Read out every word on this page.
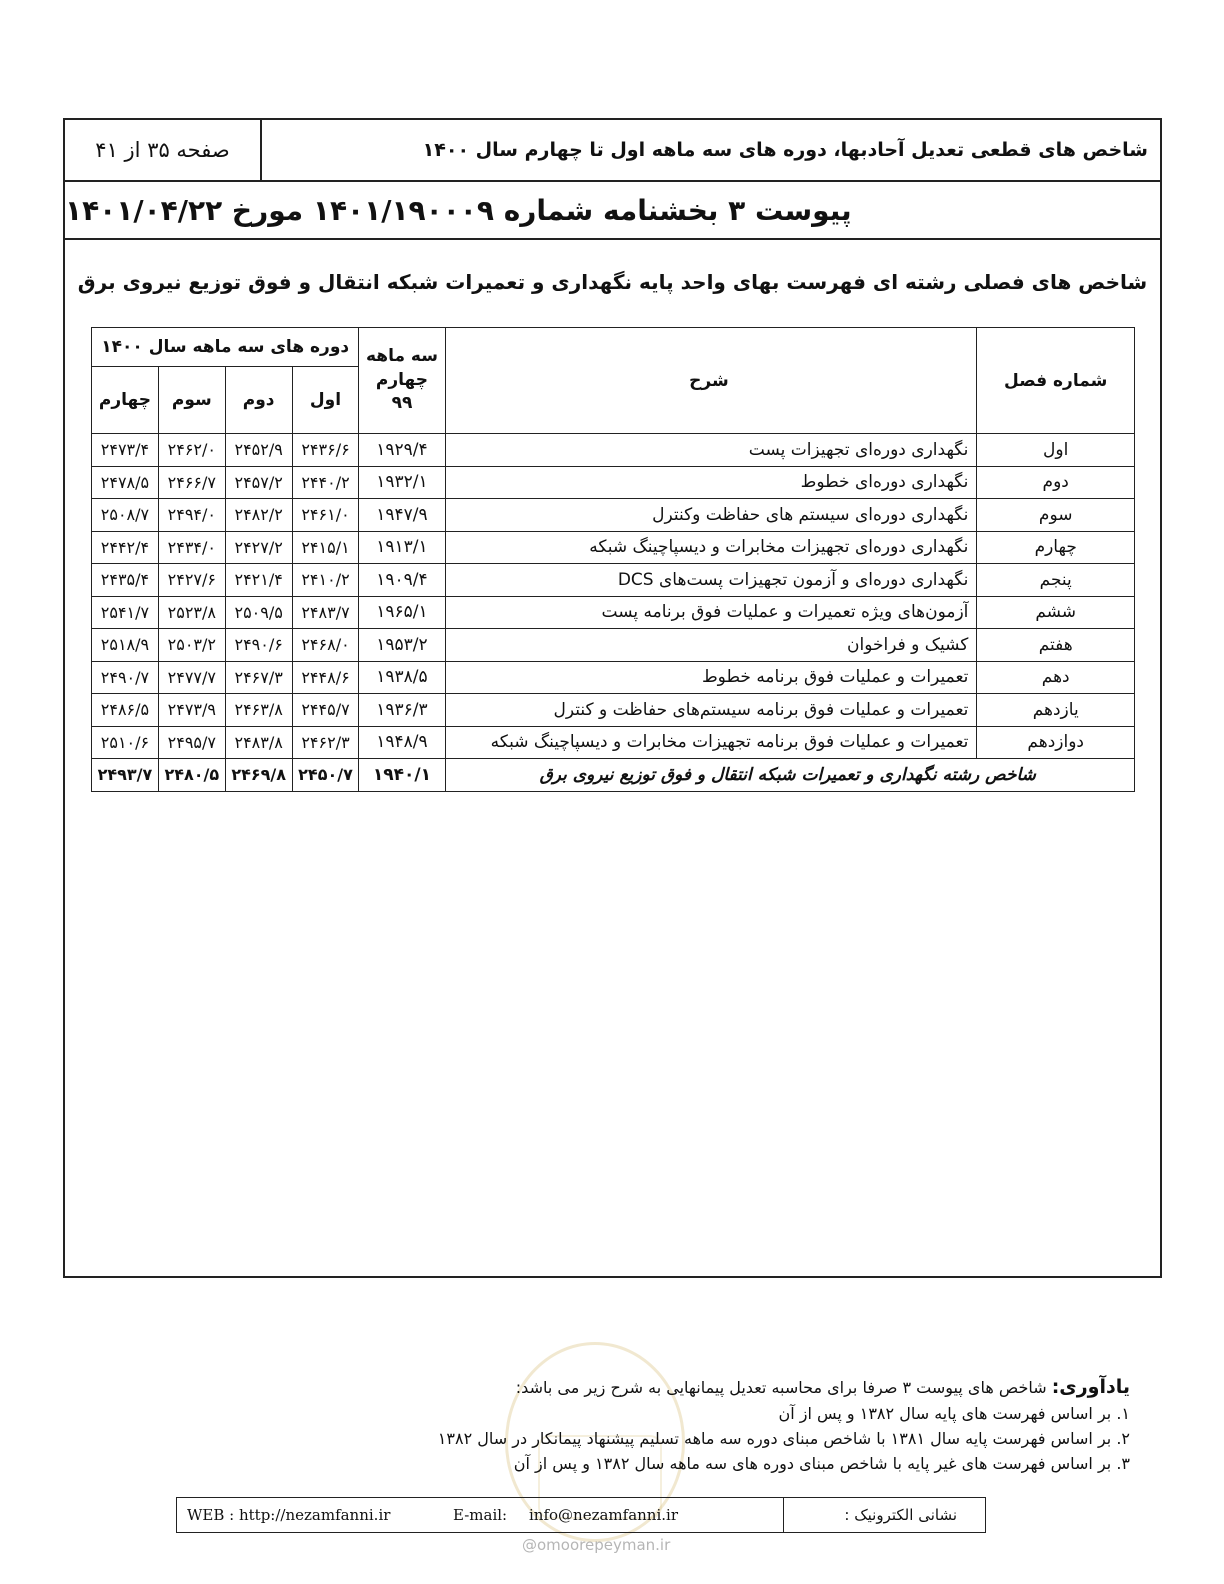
صفحه ۳۵ از ۴۱	شاخص های قطعی تعدیل آحادبها، دوره های سه ماهه اول تا چهارم سال ۱۴۰۰
پیوست ۳ بخشنامه شماره ۱۴۰۱/۱۹۰۰۰۹ مورخ ۱۴۰۱/۰۴/۲۲
شاخص های فصلی رشته ای فهرست بهای واحد پایه نگهداری و تعمیرات شبکه انتقال و فوق توزیع نیروی برق
شماره فصل	شرح	سه ماهه
چهارم ۹۹	دوره های سه ماهه سال ۱۴۰۰			
			اول	دوم	سوم	چهارم
اول	نگهداری دوره‌ای تجهیزات پست	۱۹۲۹/۴	۲۴۳۶/۶	۲۴۵۲/۹	۲۴۶۲/۰	۲۴۷۳/۴
دوم	نگهداری دوره‌ای خطوط	۱۹۳۲/۱	۲۴۴۰/۲	۲۴۵۷/۲	۲۴۶۶/۷	۲۴۷۸/۵
سوم	نگهداری دوره‌ای سیستم های حفاظت وکنترل	۱۹۴۷/۹	۲۴۶۱/۰	۲۴۸۲/۲	۲۴۹۴/۰	۲۵۰۸/۷
چهارم	نگهداری دوره‌ای تجهیزات مخابرات و دیسپاچینگ شبکه	۱۹۱۳/۱	۲۴۱۵/۱	۲۴۲۷/۲	۲۴۳۴/۰	۲۴۴۲/۴
پنجم	نگهداری دوره‌ای و آزمون تجهیزات پست‌های DCS	۱۹۰۹/۴	۲۴۱۰/۲	۲۴۲۱/۴	۲۴۲۷/۶	۲۴۳۵/۴
ششم	آزمون‌های ویژه تعمیرات و عملیات فوق برنامه پست	۱۹۶۵/۱	۲۴۸۳/۷	۲۵۰۹/۵	۲۵۲۳/۸	۲۵۴۱/۷
هفتم	کشیک و فراخوان	۱۹۵۳/۲	۲۴۶۸/۰	۲۴۹۰/۶	۲۵۰۳/۲	۲۵۱۸/۹
دهم	تعمیرات و عملیات فوق برنامه خطوط	۱۹۳۸/۵	۲۴۴۸/۶	۲۴۶۷/۳	۲۴۷۷/۷	۲۴۹۰/۷
یازدهم	تعمیرات و عملیات فوق برنامه سیستم‌های حفاظت و کنترل	۱۹۳۶/۳	۲۴۴۵/۷	۲۴۶۳/۸	۲۴۷۳/۹	۲۴۸۶/۵
دوازدهم	تعمیرات و عملیات فوق برنامه تجهیزات مخابرات و دیسپاچینگ شبکه	۱۹۴۸/۹	۲۴۶۲/۳	۲۴۸۳/۸	۲۴۹۵/۷	۲۵۱۰/۶
شاخص رشته نگهداری و تعمیرات شبکه انتقال و فوق توزیع نیروی برق		۱۹۴۰/۱	۲۴۵۰/۷	۲۴۶۹/۸	۲۴۸۰/۵	۲۴۹۳/۷
یادآوری: شاخص های پیوست ۳ صرفا برای محاسبه تعدیل پیمانهایی به شرح زیر می باشد:
۱. بر اساس فهرست های پایه سال ۱۳۸۲ و پس از آن
۲. بر اساس فهرست پایه سال ۱۳۸۱ با شاخص مبنای دوره سه ماهه تسلیم پیشنهاد پیمانکار در سال ۱۳۸۲
۳. بر اساس فهرست های غیر پایه با شاخص مبنای دوره های سه ماهه سال ۱۳۸۲ و پس از آن
WEB : http://nezamfanni.ir	E-mail: info@nezamfanni.ir	نشانی الکترونیک :
@omoorepeyman.ir
